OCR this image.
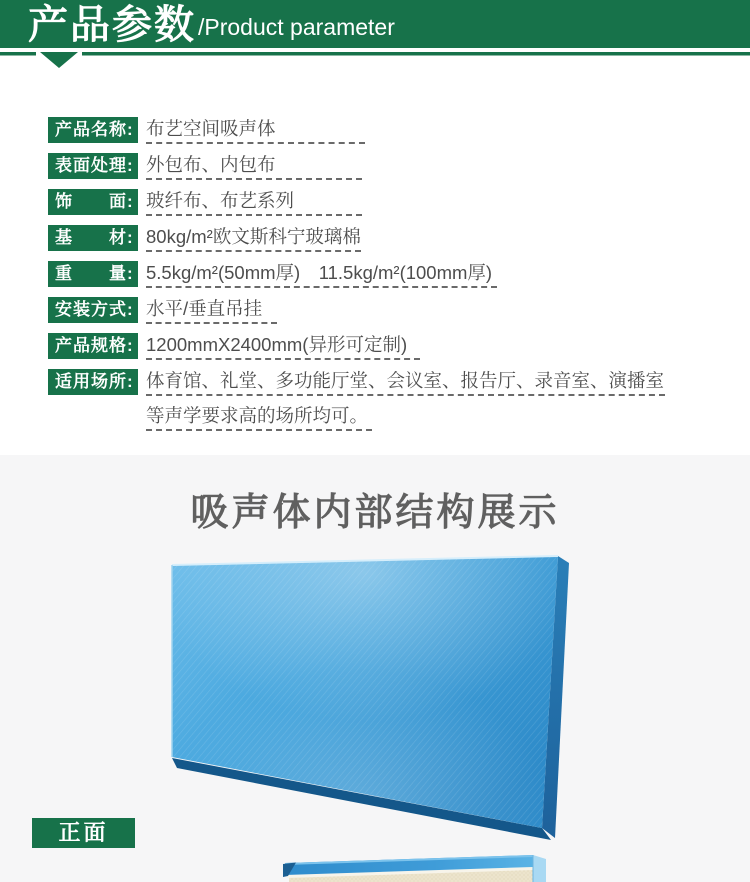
产品参数 /Product parameter
产品名称: 布艺空间吸声体
表面处理: 外包布、内包布
饰　　面: 玻纤布、布艺系列
基　　材: 80kg/m²欧文斯科宁玻璃棉
重　　量: 5.5kg/m²(50mm厚)　11.5kg/m²(100mm厚)
安装方式: 水平/垂直吊挂
产品规格: 1200mmX2400mm(异形可定制)
适用场所: 体育馆、礼堂、多功能厅堂、会议室、报告厅、录音室、演播室
等声学要求高的场所均可。
吸声体内部结构展示
正面
